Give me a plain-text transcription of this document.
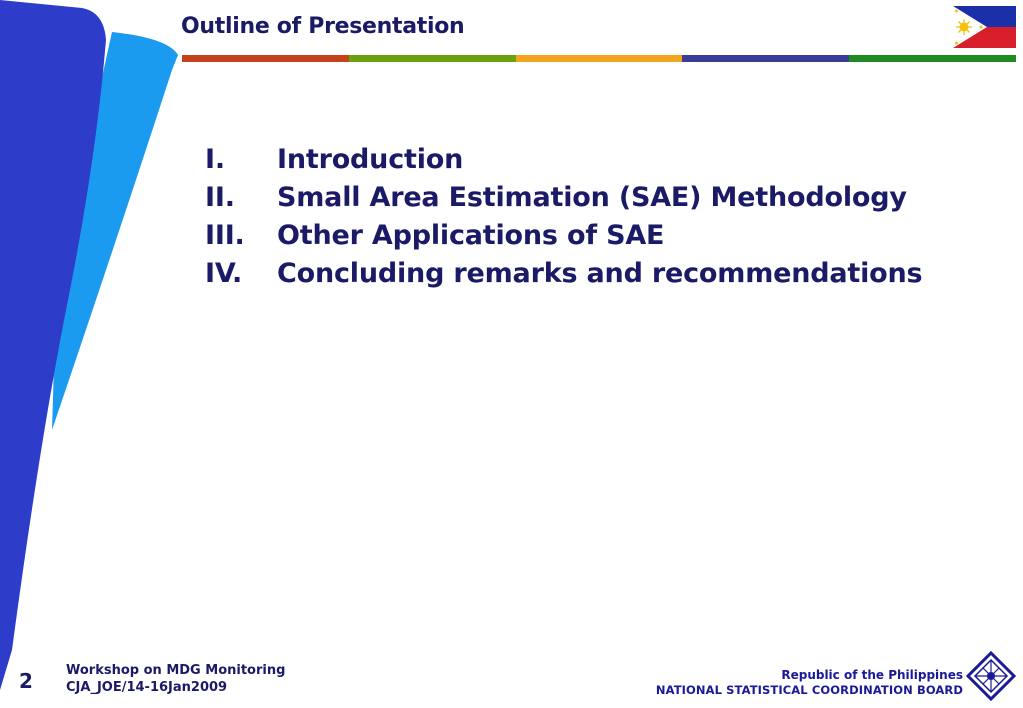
Outline of Presentation
I.	Introduction
II.	Small Area Estimation (SAE) Methodology
III.	Other Applications of SAE
IV.	Concluding remarks and recommendations
2	Workshop on MDG Monitoring
CJA_JOE/14-16Jan2009
Republic of the Philippines
NATIONAL STATISTICAL COORDINATION BOARD
